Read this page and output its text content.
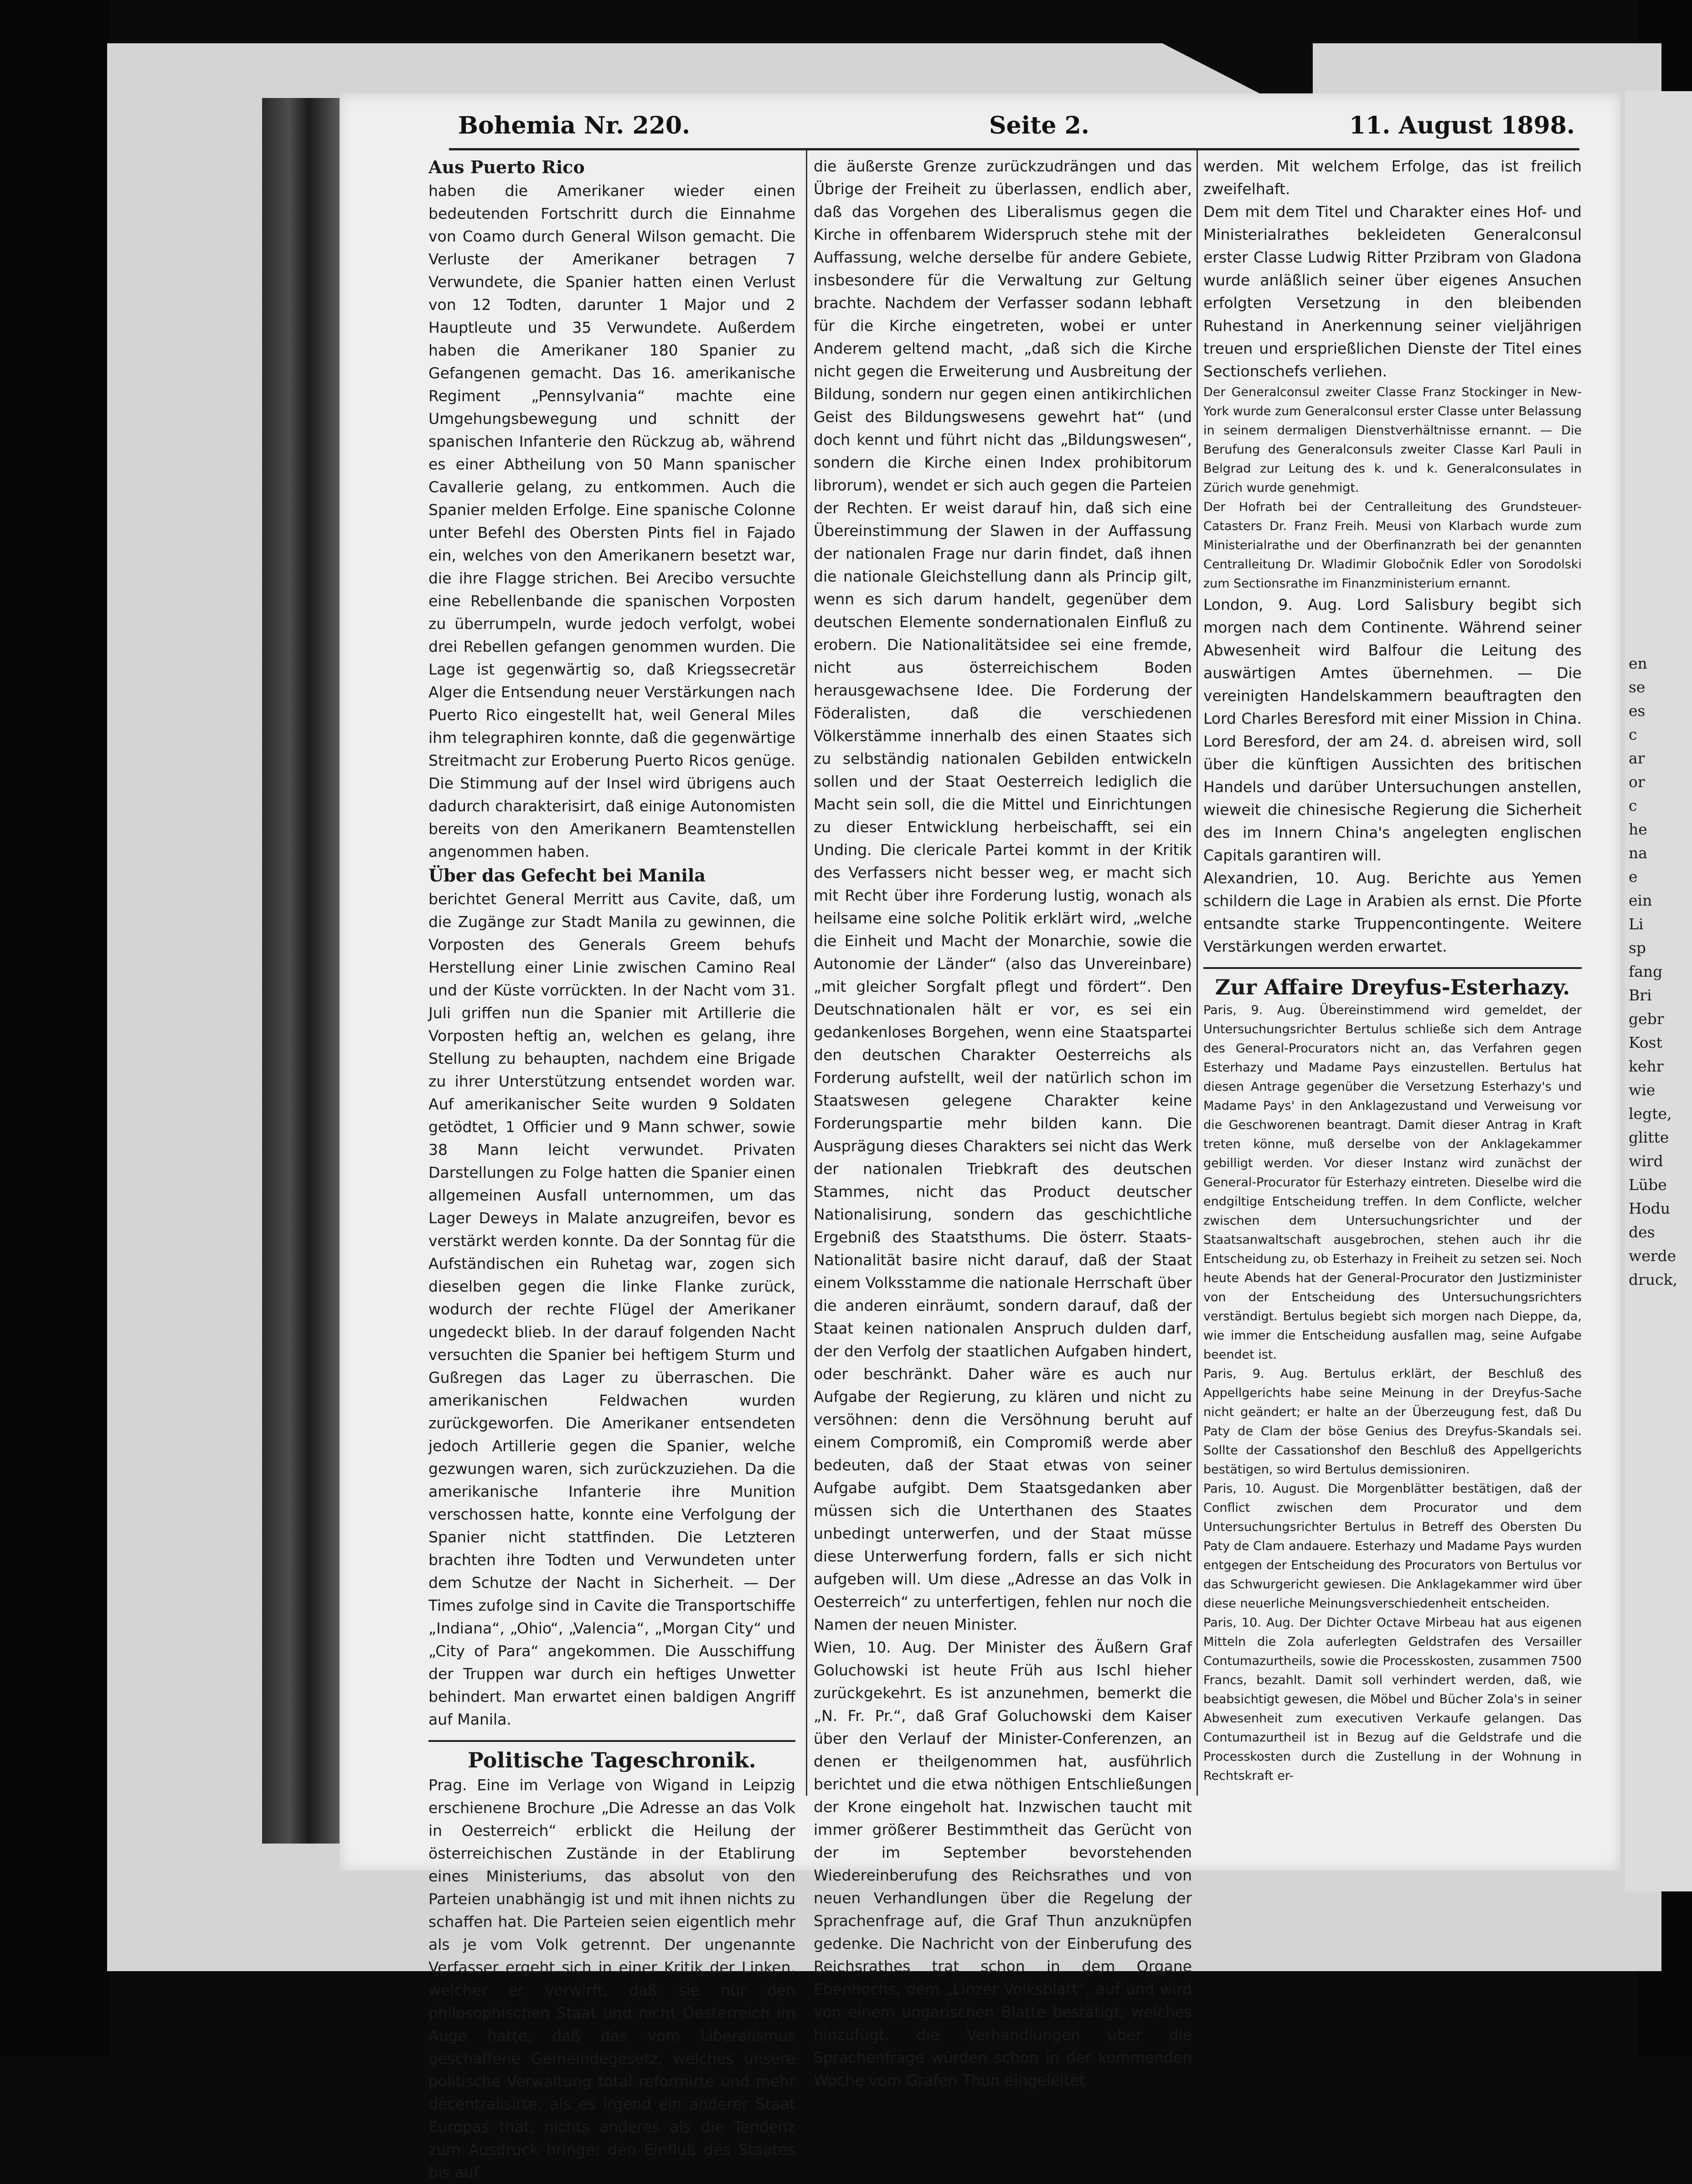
en
se
es
c
ar
or
c
he
na
e
ein
Li
sp
fang
Bri
gebr
Kost
kehr
wie
legte,
glitte
wird
Lübe
Hodu
des
werde
druck,
Bohemia Nr. 220.	Seite 2.	11. August 1898.

Aus Puerto Rico

haben die Amerikaner wieder einen bedeutenden Fortschritt durch die Einnahme von Coamo durch General Wilson gemacht. Die Verluste der Amerikaner betragen 7 Verwundete, die Spanier hatten einen Verlust von 12 Todten, darunter 1 Major und 2 Hauptleute und 35 Verwundete. Außerdem haben die Amerikaner 180 Spanier zu Gefangenen gemacht. Das 16. amerikanische Regiment „Pennsylvania“ machte eine Umgehungsbewegung und schnitt der spanischen Infanterie den Rückzug ab, während es einer Abtheilung von 50 Mann spanischer Cavallerie gelang, zu entkommen. Auch die Spanier melden Erfolge. Eine spanische Colonne unter Befehl des Obersten Pints fiel in Fajado ein, welches von den Amerikanern besetzt war, die ihre Flagge strichen. Bei Arecibo versuchte eine Rebellenbande die spanischen Vorposten zu überrumpeln, wurde jedoch verfolgt, wobei drei Rebellen gefangen genommen wurden. Die Lage ist gegenwärtig so, daß Kriegssecretär Alger die Entsendung neuer Verstärkungen nach Puerto Rico eingestellt hat, weil General Miles ihm telegraphiren konnte, daß die gegenwärtige Streitmacht zur Eroberung Puerto Ricos genüge. Die Stimmung auf der Insel wird übrigens auch dadurch charakterisirt, daß einige Autonomisten bereits von den Amerikanern Beamtenstellen angenommen haben.

Über das Gefecht bei Manila

berichtet General Merritt aus Cavite, daß, um die Zugänge zur Stadt Manila zu gewinnen, die Vorposten des Generals Greem behufs Herstellung einer Linie zwischen Camino Real und der Küste vorrückten. In der Nacht vom 31. Juli griffen nun die Spanier mit Artillerie die Vorposten heftig an, welchen es gelang, ihre Stellung zu behaupten, nachdem eine Brigade zu ihrer Unterstützung entsendet worden war. Auf amerikanischer Seite wurden 9 Soldaten getödtet, 1 Officier und 9 Mann schwer, sowie 38 Mann leicht verwundet. Privaten Darstellungen zu Folge hatten die Spanier einen allgemeinen Ausfall unternommen, um das Lager Deweys in Malate anzugreifen, bevor es verstärkt werden konnte. Da der Sonntag für die Aufständischen ein Ruhetag war, zogen sich dieselben gegen die linke Flanke zurück, wodurch der rechte Flügel der Amerikaner ungedeckt blieb. In der darauf folgenden Nacht versuchten die Spanier bei heftigem Sturm und Gußregen das Lager zu überraschen. Die amerikanischen Feldwachen wurden zurückgeworfen. Die Amerikaner entsendeten jedoch Artillerie gegen die Spanier, welche gezwungen waren, sich zurückzuziehen. Da die amerikanische Infanterie ihre Munition verschossen hatte, konnte eine Verfolgung der Spanier nicht stattfinden. Die Letzteren brachten ihre Todten und Verwundeten unter dem Schutze der Nacht in Sicherheit. — Der Times zufolge sind in Cavite die Transportschiffe „Indiana“, „Ohio“, „Valencia“, „Morgan City“ und „City of Para“ angekommen. Die Ausschiffung der Truppen war durch ein heftiges Unwetter behindert. Man erwartet einen baldigen Angriff auf Manila.

Politische Tageschronik.

Prag. Eine im Verlage von Wigand in Leipzig erschienene Brochure „Die Adresse an das Volk in Oesterreich“ erblickt die Heilung der österreichischen Zustände in der Etablirung eines Ministeriums, das absolut von den Parteien unabhängig ist und mit ihnen nichts zu schaffen hat. Die Parteien seien eigentlich mehr als je vom Volk getrennt. Der ungenannte Verfasser ergeht sich in einer Kritik der Linken, welcher er vorwirft, daß sie nur den philosophischen Staat und nicht Oesterreich im Auge hatte, daß das vom Liberalismus geschaffene Gemeindegesetz, welches unsere politische Verwaltung total reformirte und mehr decentralisirte, als es irgend ein anderer Staat Europas that, nichts anderes als die Tendenz zum Ausdruck bringe: den Einfluß des Staates bis auf

die äußerste Grenze zurückzudrängen und das Übrige der Freiheit zu überlassen, endlich aber, daß das Vorgehen des Liberalismus gegen die Kirche in offenbarem Widerspruch stehe mit der Auffassung, welche derselbe für andere Gebiete, insbesondere für die Verwaltung zur Geltung brachte. Nachdem der Verfasser sodann lebhaft für die Kirche eingetreten, wobei er unter Anderem geltend macht, „daß sich die Kirche nicht gegen die Erweiterung und Ausbreitung der Bildung, sondern nur gegen einen antikirchlichen Geist des Bildungswesens gewehrt hat“ (und doch kennt und führt nicht das „Bildungswesen“, sondern die Kirche einen Index prohibitorum librorum), wendet er sich auch gegen die Parteien der Rechten. Er weist darauf hin, daß sich eine Übereinstimmung der Slawen in der Auffassung der nationalen Frage nur darin findet, daß ihnen die nationale Gleichstellung dann als Princip gilt, wenn es sich darum handelt, gegenüber dem deutschen Elemente sondernationalen Einfluß zu erobern. Die Nationalitätsidee sei eine fremde, nicht aus österreichischem Boden herausgewachsene Idee. Die Forderung der Föderalisten, daß die verschiedenen Völkerstämme innerhalb des einen Staates sich zu selbständig nationalen Gebilden entwickeln sollen und der Staat Oesterreich lediglich die Macht sein soll, die die Mittel und Einrichtungen zu dieser Entwicklung herbeischafft, sei ein Unding. Die clericale Partei kommt in der Kritik des Verfassers nicht besser weg, er macht sich mit Recht über ihre Forderung lustig, wonach als heilsame eine solche Politik erklärt wird, „welche die Einheit und Macht der Monarchie, sowie die Autonomie der Länder“ (also das Unvereinbare) „mit gleicher Sorgfalt pflegt und fördert“. Den Deutschnationalen hält er vor, es sei ein gedankenloses Borgehen, wenn eine Staatspartei den deutschen Charakter Oesterreichs als Forderung aufstellt, weil der natürlich schon im Staatswesen gelegene Charakter keine Forderungspartie mehr bilden kann. Die Ausprägung dieses Charakters sei nicht das Werk der nationalen Triebkraft des deutschen Stammes, nicht das Product deutscher Nationalisirung, sondern das geschichtliche Ergebniß des Staatsthums. Die österr. Staats-Nationalität basire nicht darauf, daß der Staat einem Volksstamme die nationale Herrschaft über die anderen einräumt, sondern darauf, daß der Staat keinen nationalen Anspruch dulden darf, der den Verfolg der staatlichen Aufgaben hindert, oder beschränkt. Daher wäre es auch nur Aufgabe der Regierung, zu klären und nicht zu versöhnen: denn die Versöhnung beruht auf einem Compromiß, ein Compromiß werde aber bedeuten, daß der Staat etwas von seiner Aufgabe aufgibt. Dem Staatsgedanken aber müssen sich die Unterthanen des Staates unbedingt unterwerfen, und der Staat müsse diese Unterwerfung fordern, falls er sich nicht aufgeben will. Um diese „Adresse an das Volk in Oesterreich“ zu unterfertigen, fehlen nur noch die Namen der neuen Minister.

Wien, 10. Aug. Der Minister des Äußern Graf Goluchowski ist heute Früh aus Ischl hieher zurückgekehrt. Es ist anzunehmen, bemerkt die „N. Fr. Pr.“, daß Graf Goluchowski dem Kaiser über den Verlauf der Minister-Conferenzen, an denen er theilgenommen hat, ausführlich berichtet und die etwa nöthigen Entschließungen der Krone eingeholt hat. Inzwischen taucht mit immer größerer Bestimmtheit das Gerücht von der im September bevorstehenden Wiedereinberufung des Reichsrathes und von neuen Verhandlungen über die Regelung der Sprachenfrage auf, die Graf Thun anzuknüpfen gedenke. Die Nachricht von der Einberufung des Reichsrathes trat schon in dem Organe Ebenhochs, dem „Linzer Volksblatt“, auf und wird von einem ungarischen Blatte bestätigt, welches hinzufügt, die Verhandlungen über die Sprachenfrage würden schon in der kommenden Woche vom Grafen Thun eingeleitet

werden. Mit welchem Erfolge, das ist freilich zweifelhaft.

Dem mit dem Titel und Charakter eines Hof- und Ministerialrathes bekleideten Generalconsul erster Classe Ludwig Ritter Przibram von Gladona wurde anläßlich seiner über eigenes Ansuchen erfolgten Versetzung in den bleibenden Ruhestand in Anerkennung seiner vieljährigen treuen und ersprießlichen Dienste der Titel eines Sectionschefs verliehen.

Der Generalconsul zweiter Classe Franz Stockinger in New-York wurde zum Generalconsul erster Classe unter Belassung in seinem dermaligen Dienstverhältnisse ernannt. — Die Berufung des Generalconsuls zweiter Classe Karl Pauli in Belgrad zur Leitung des k. und k. Generalconsulates in Zürich wurde genehmigt.

Der Hofrath bei der Centralleitung des Grundsteuer-Catasters Dr. Franz Freih. Meusi von Klarbach wurde zum Ministerialrathe und der Oberfinanzrath bei der genannten Centralleitung Dr. Wladimir Globočnik Edler von Sorodolski zum Sectionsrathe im Finanzministerium ernannt.

London, 9. Aug. Lord Salisbury begibt sich morgen nach dem Continente. Während seiner Abwesenheit wird Balfour die Leitung des auswärtigen Amtes übernehmen. — Die vereinigten Handelskammern beauftragten den Lord Charles Beresford mit einer Mission in China. Lord Beresford, der am 24. d. abreisen wird, soll über die künftigen Aussichten des britischen Handels und darüber Untersuchungen anstellen, wieweit die chinesische Regierung die Sicherheit des im Innern China's angelegten englischen Capitals garantiren will.

Alexandrien, 10. Aug. Berichte aus Yemen schildern die Lage in Arabien als ernst. Die Pforte entsandte starke Truppencontingente. Weitere Verstärkungen werden erwartet.

Zur Affaire Dreyfus-Esterhazy.

Paris, 9. Aug. Übereinstimmend wird gemeldet, der Untersuchungsrichter Bertulus schließe sich dem Antrage des General-Procurators nicht an, das Verfahren gegen Esterhazy und Madame Pays einzustellen. Bertulus hat diesen Antrage gegenüber die Versetzung Esterhazy's und Madame Pays' in den Anklagezustand und Verweisung vor die Geschworenen beantragt. Damit dieser Antrag in Kraft treten könne, muß derselbe von der Anklagekammer gebilligt werden. Vor dieser Instanz wird zunächst der General-Procurator für Esterhazy eintreten. Dieselbe wird die endgiltige Entscheidung treffen. In dem Conflicte, welcher zwischen dem Untersuchungsrichter und der Staatsanwaltschaft ausgebrochen, stehen auch ihr die Entscheidung zu, ob Esterhazy in Freiheit zu setzen sei. Noch heute Abends hat der General-Procurator den Justizminister von der Entscheidung des Untersuchungsrichters verständigt. Bertulus begiebt sich morgen nach Dieppe, da, wie immer die Entscheidung ausfallen mag, seine Aufgabe beendet ist.

Paris, 9. Aug. Bertulus erklärt, der Beschluß des Appellgerichts habe seine Meinung in der Dreyfus-Sache nicht geändert; er halte an der Überzeugung fest, daß Du Paty de Clam der böse Genius des Dreyfus-Skandals sei. Sollte der Cassationshof den Beschluß des Appellgerichts bestätigen, so wird Bertulus demissioniren.

Paris, 10. August. Die Morgenblätter bestätigen, daß der Conflict zwischen dem Procurator und dem Untersuchungsrichter Bertulus in Betreff des Obersten Du Paty de Clam andauere. Esterhazy und Madame Pays wurden entgegen der Entscheidung des Procurators von Bertulus vor das Schwurgericht gewiesen. Die Anklagekammer wird über diese neuerliche Meinungsverschiedenheit entscheiden.

Paris, 10. Aug. Der Dichter Octave Mirbeau hat aus eigenen Mitteln die Zola auferlegten Geldstrafen des Versailler Contumazurtheils, sowie die Processkosten, zusammen 7500 Francs, bezahlt. Damit soll verhindert werden, daß, wie beabsichtigt gewesen, die Möbel und Bücher Zola's in seiner Abwesenheit zum executiven Verkaufe gelangen. Das Contumazurtheil ist in Bezug auf die Geldstrafe und die Processkosten durch die Zustellung in der Wohnung in Rechtskraft er-
